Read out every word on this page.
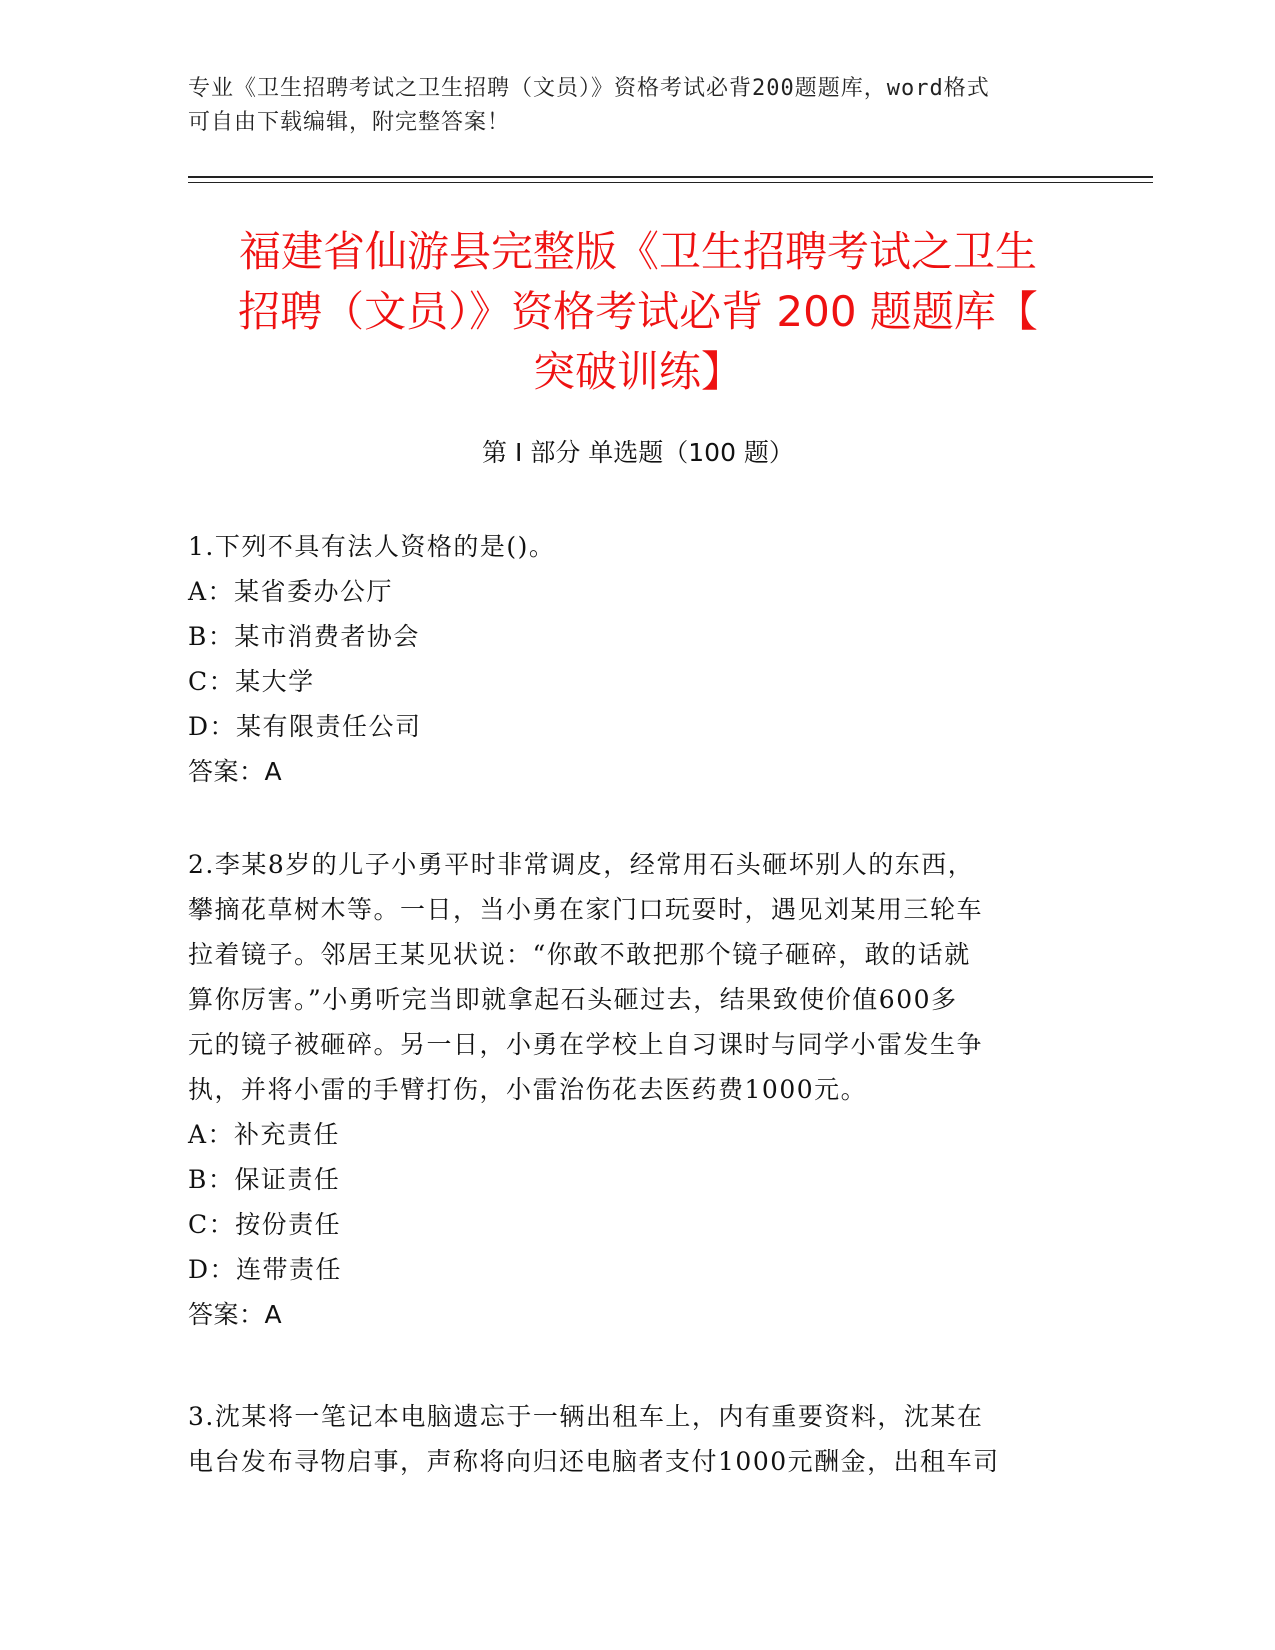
专业《卫生招聘考试之卫生招聘（文员）》资格考试必背200题题库，word格式
可自由下载编辑，附完整答案！
福建省仙游县完整版《卫生招聘考试之卫生
招聘（文员）》资格考试必背 200 题题库【
突破训练】
第 I 部分 单选题（100 题）
1.下列不具有法人资格的是()。
A：某省委办公厅
B：某市消费者协会
C：某大学
D：某有限责任公司
答案：A
2.李某8岁的儿子小勇平时非常调皮，经常用石头砸坏别人的东西，
攀摘花草树木等。一日，当小勇在家门口玩耍时，遇见刘某用三轮车
拉着镜子。邻居王某见状说：“你敢不敢把那个镜子砸碎，敢的话就
算你厉害。”小勇听完当即就拿起石头砸过去，结果致使价值600多
元的镜子被砸碎。另一日，小勇在学校上自习课时与同学小雷发生争
执，并将小雷的手臂打伤，小雷治伤花去医药费1000元。
A：补充责任
B：保证责任
C：按份责任
D：连带责任
答案：A
3.沈某将一笔记本电脑遗忘于一辆出租车上，内有重要资料，沈某在
电台发布寻物启事，声称将向归还电脑者支付1000元酬金，出租车司
